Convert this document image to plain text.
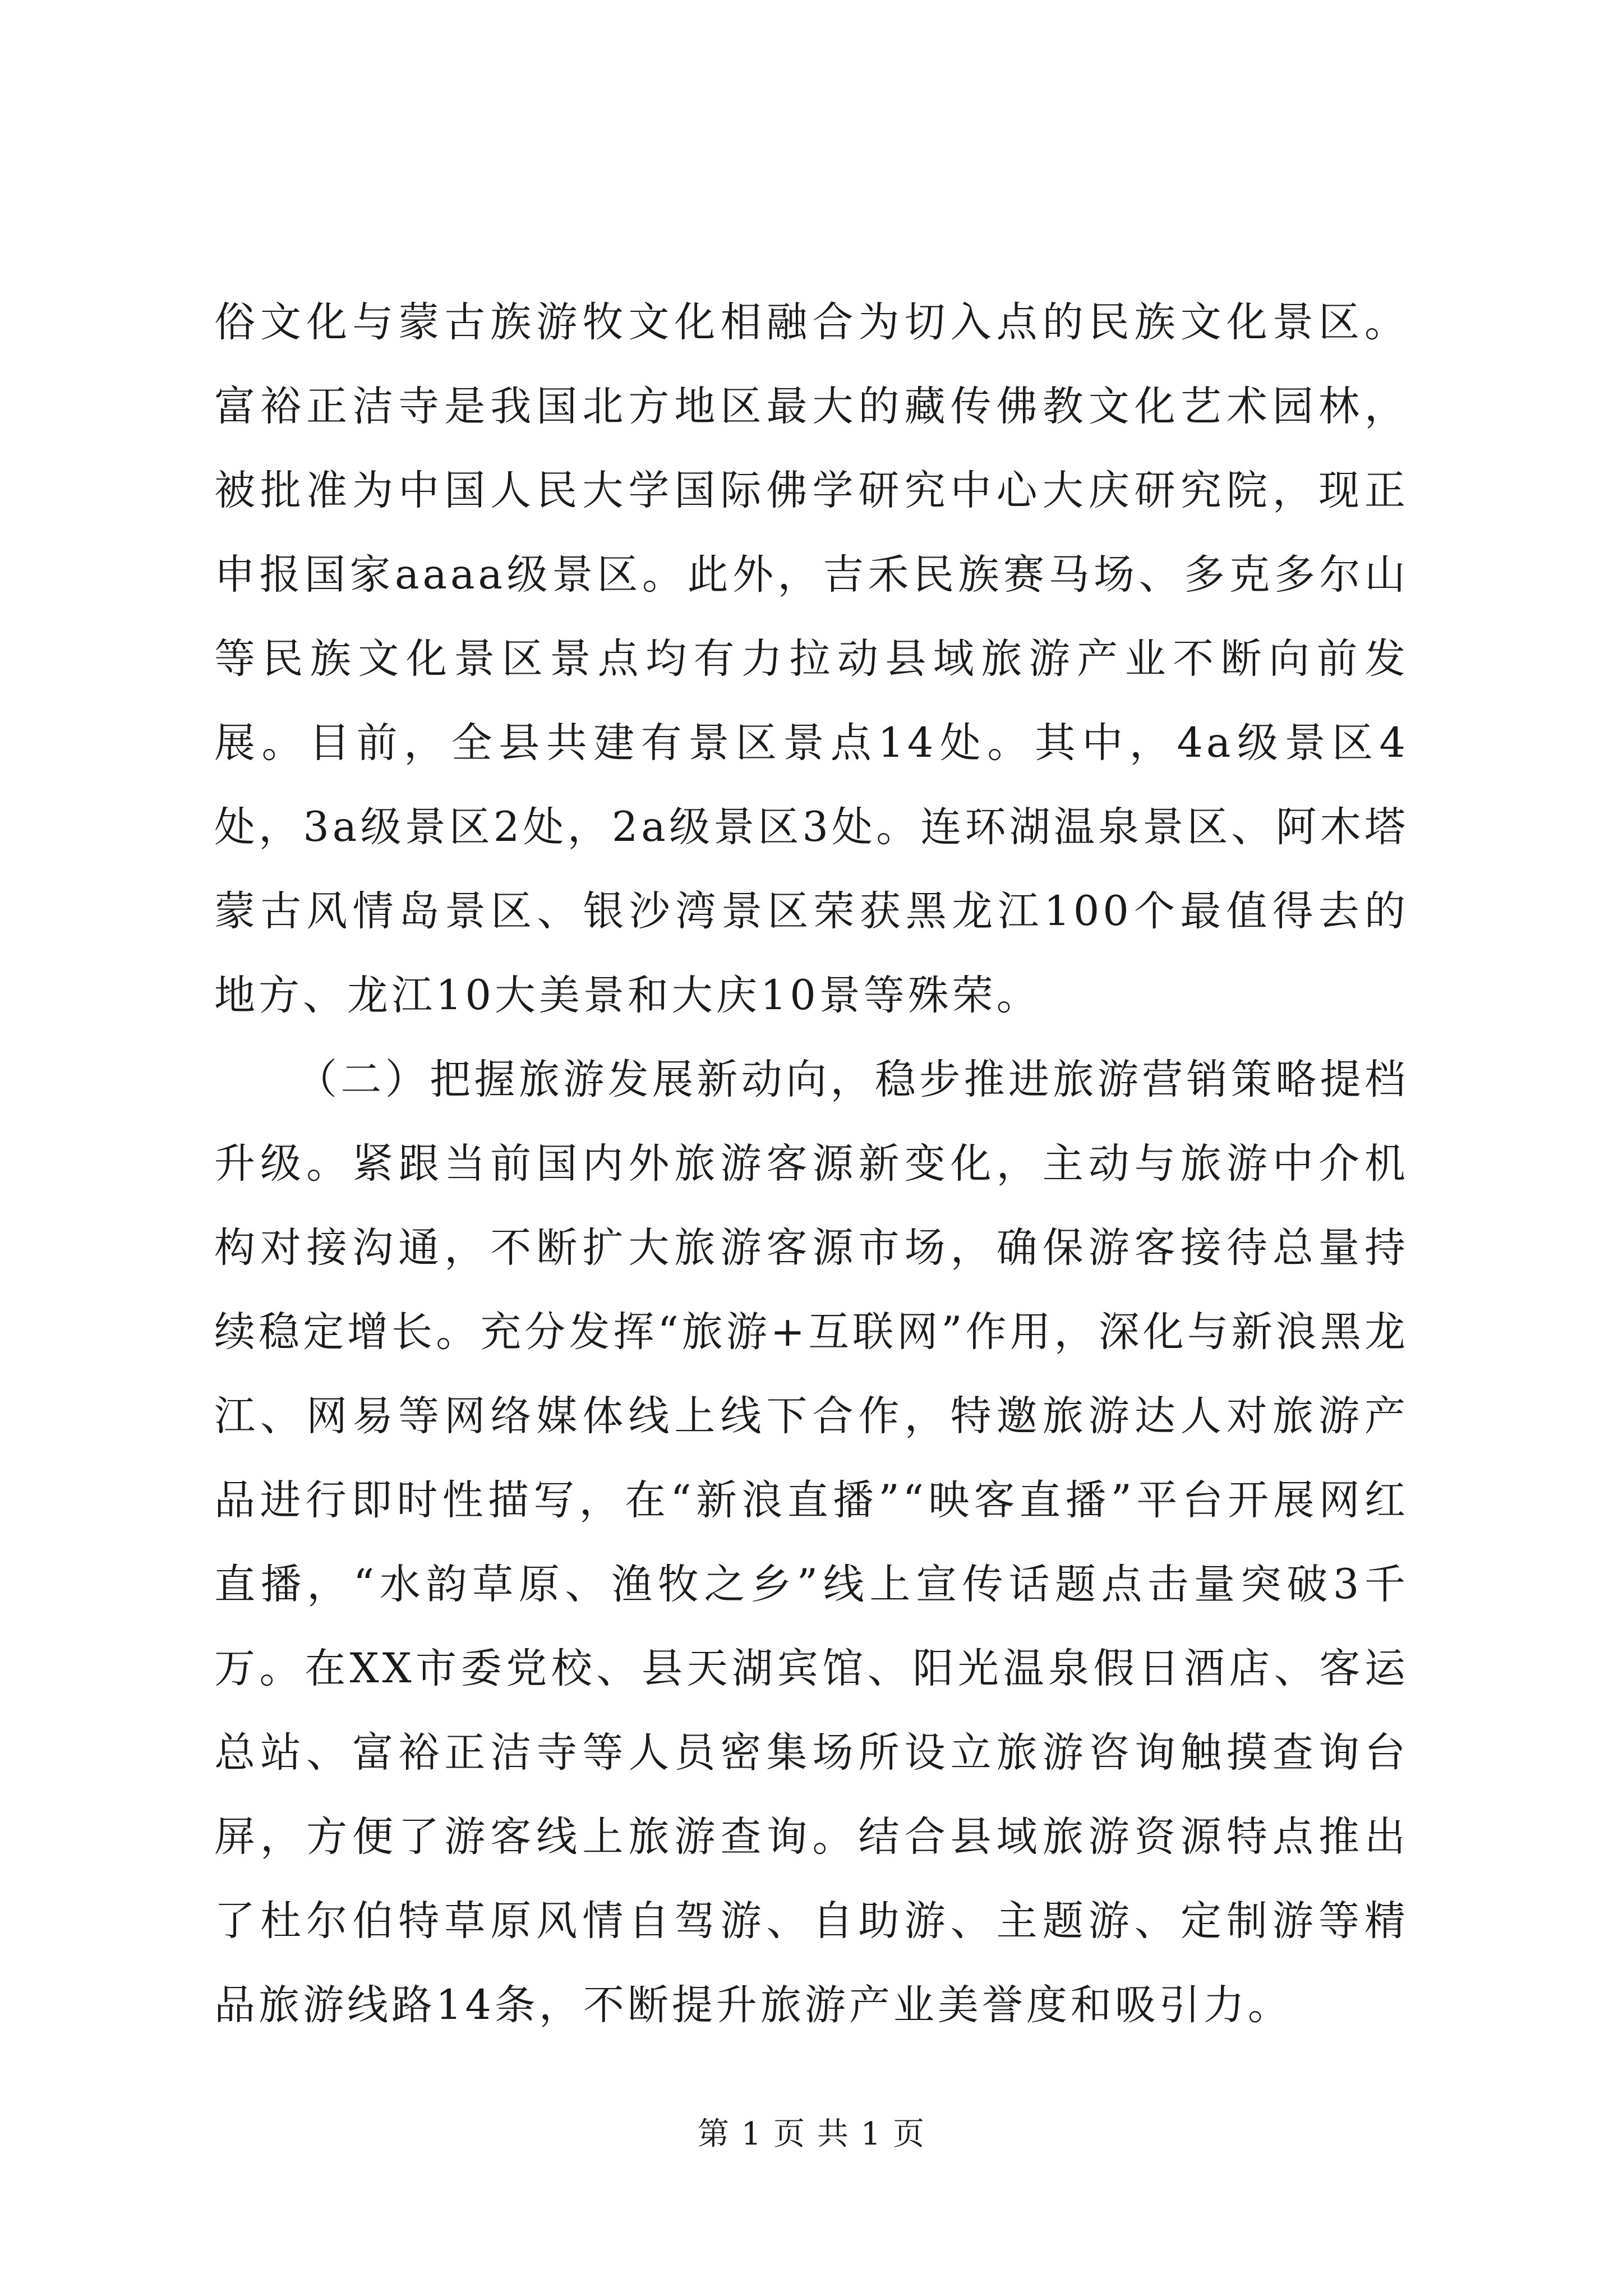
俗文化与蒙古族游牧文化相融合为切入点的民族文化景区。富裕正洁寺是我国北方地区最大的藏传佛教文化艺术园林，被批准为中国人民大学国际佛学研究中心大庆研究院，现正申报国家aaaa级景区。此外，吉禾民族赛马场、多克多尔山等民族文化景区景点均有力拉动县域旅游产业不断向前发展。目前，全县共建有景区景点14处。其中，4a级景区4处，3a级景区2处，2a级景区3处。连环湖温泉景区、阿木塔蒙古风情岛景区、银沙湾景区荣获黑龙江100个最值得去的地方、龙江10大美景和大庆10景等殊荣。

（二）把握旅游发展新动向，稳步推进旅游营销策略提档升级。紧跟当前国内外旅游客源新变化，主动与旅游中介机构对接沟通，不断扩大旅游客源市场，确保游客接待总量持续稳定增长。充分发挥“旅游+互联网”作用，深化与新浪黑龙江、网易等网络媒体线上线下合作，特邀旅游达人对旅游产品进行即时性描写，在“新浪直播”“映客直播”平台开展网红直播，“水韵草原、渔牧之乡”线上宣传话题点击量突破3千万。在XX市委党校、县天湖宾馆、阳光温泉假日酒店、客运总站、富裕正洁寺等人员密集场所设立旅游咨询触摸查询台屏，方便了游客线上旅游查询。结合县域旅游资源特点推出了杜尔伯特草原风情自驾游、自助游、主题游、定制游等精品旅游线路14条，不断提升旅游产业美誉度和吸引力。

第 1 页 共 1 页
